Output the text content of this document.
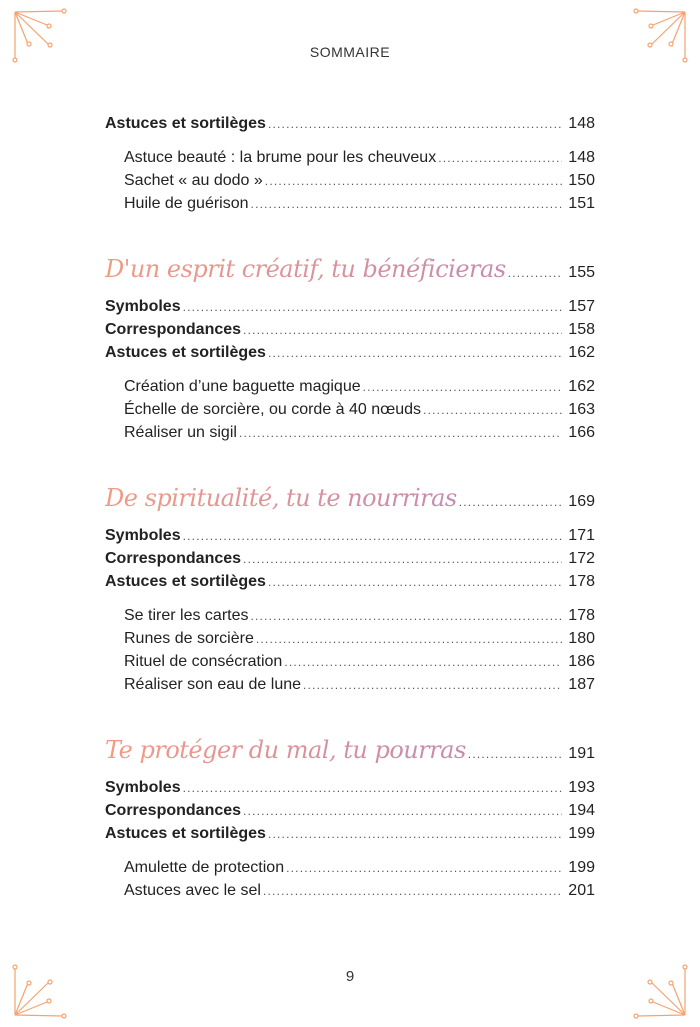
SOMMAIRE
Astuces et sortilèges .....	148
Astuce beauté : la brume pour les cheuveux .....	148
Sachet « au dodo » .....	150
Huile de guérison .....	151
D'un esprit créatif, tu bénéficieras .....	155
Symboles .....	157
Correspondances .....	158
Astuces et sortilèges .....	162
Création d’une baguette magique .....	162
Échelle de sorcière, ou corde à 40 nœuds .....	163
Réaliser un sigil .....	166
De spiritualité, tu te nourriras .....	169
Symboles .....	171
Correspondances .....	172
Astuces et sortilèges .....	178
Se tirer les cartes .....	178
Runes de sorcière .....	180
Rituel de consécration .....	186
Réaliser son eau de lune .....	187
Te protéger du mal, tu pourras .....	191
Symboles .....	193
Correspondances .....	194
Astuces et sortilèges .....	199
Amulette de protection .....	199
Astuces avec le sel .....	201
9
